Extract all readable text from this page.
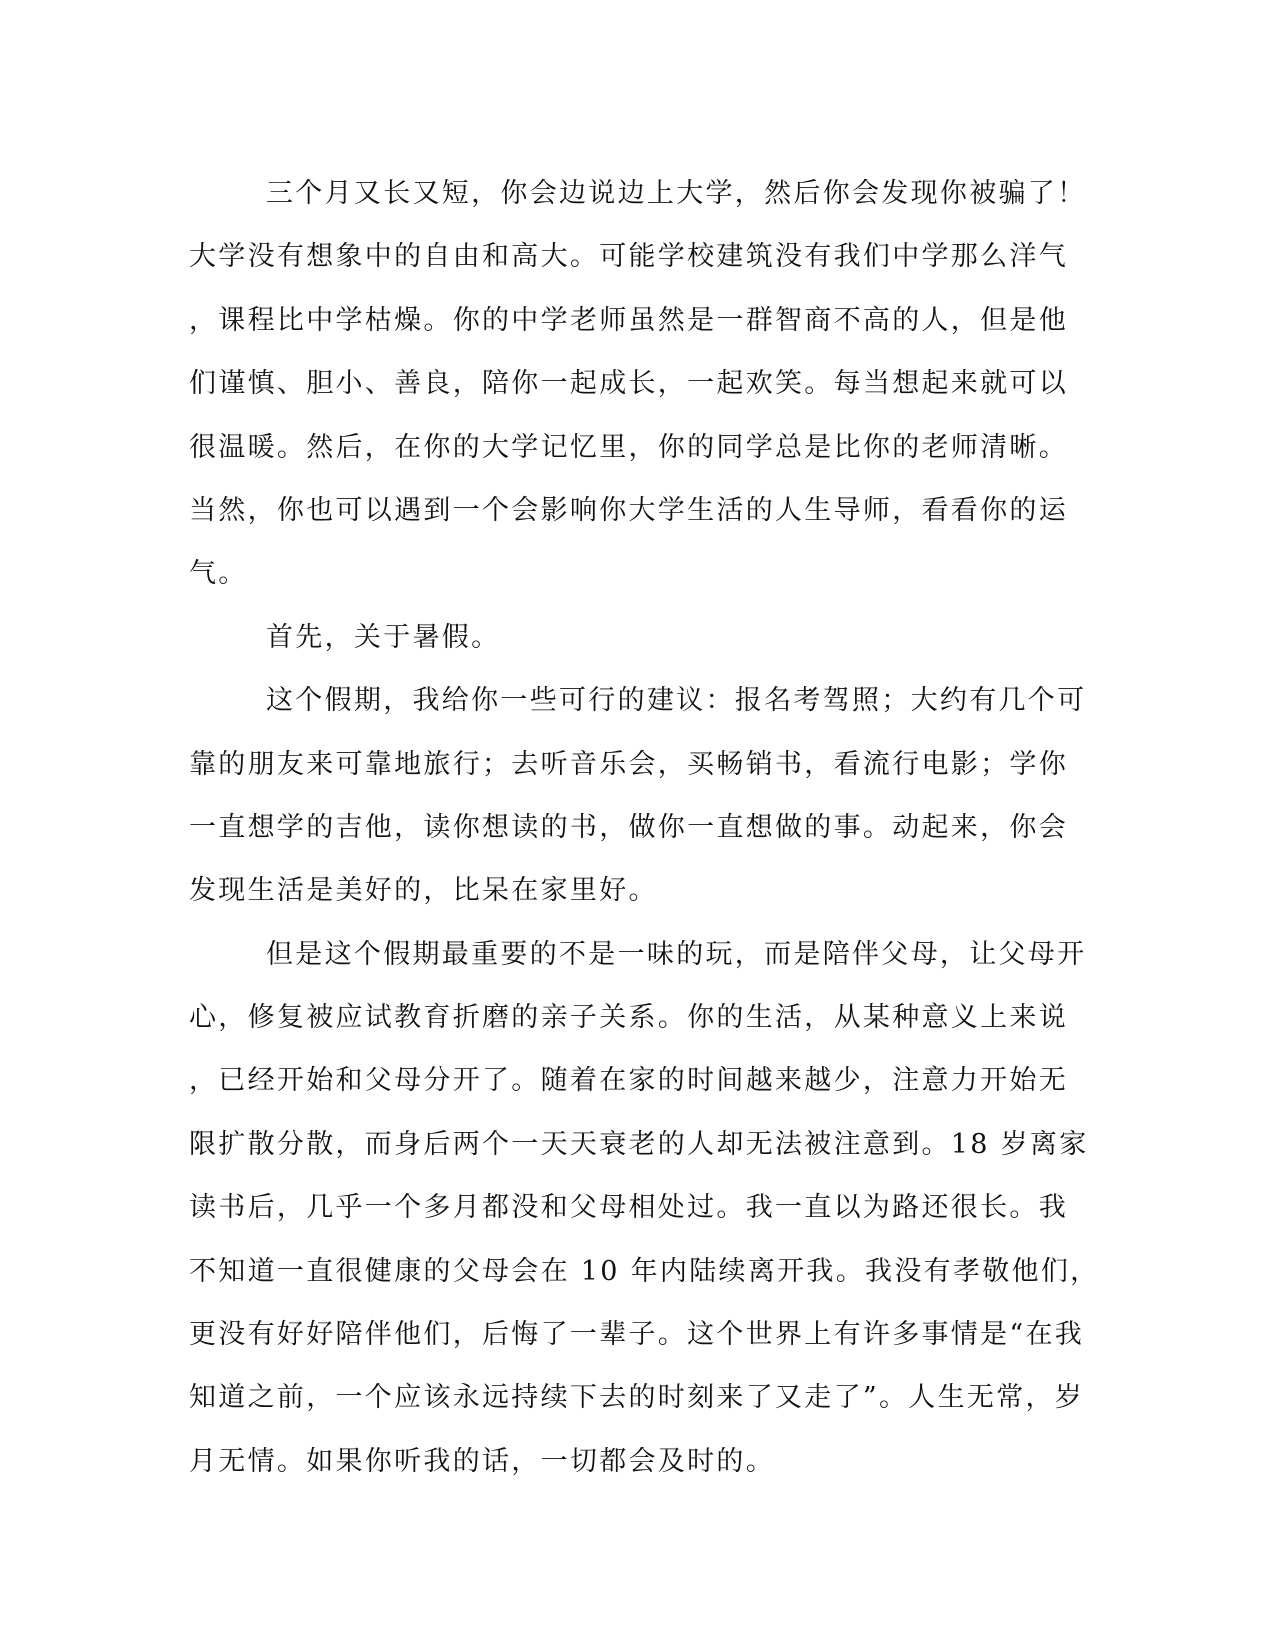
三个月又长又短，你会边说边上大学，然后你会发现你被骗了！
大学没有想象中的自由和高大。可能学校建筑没有我们中学那么洋气
，课程比中学枯燥。你的中学老师虽然是一群智商不高的人，但是他
们谨慎、胆小、善良，陪你一起成长，一起欢笑。每当想起来就可以
很温暖。然后，在你的大学记忆里，你的同学总是比你的老师清晰。
当然，你也可以遇到一个会影响你大学生活的人生导师，看看你的运
气。
首先，关于暑假。
这个假期，我给你一些可行的建议：报名考驾照；大约有几个可
靠的朋友来可靠地旅行；去听音乐会，买畅销书，看流行电影；学你
一直想学的吉他，读你想读的书，做你一直想做的事。动起来，你会
发现生活是美好的，比呆在家里好。
但是这个假期最重要的不是一味的玩，而是陪伴父母，让父母开
心，修复被应试教育折磨的亲子关系。你的生活，从某种意义上来说
，已经开始和父母分开了。随着在家的时间越来越少，注意力开始无
限扩散分散，而身后两个一天天衰老的人却无法被注意到。18 岁离家
读书后，几乎一个多月都没和父母相处过。我一直以为路还很长。我
不知道一直很健康的父母会在 10 年内陆续离开我。我没有孝敬他们，
更没有好好陪伴他们，后悔了一辈子。这个世界上有许多事情是“在我
知道之前，一个应该永远持续下去的时刻来了又走了”。人生无常，岁
月无情。如果你听我的话，一切都会及时的。
